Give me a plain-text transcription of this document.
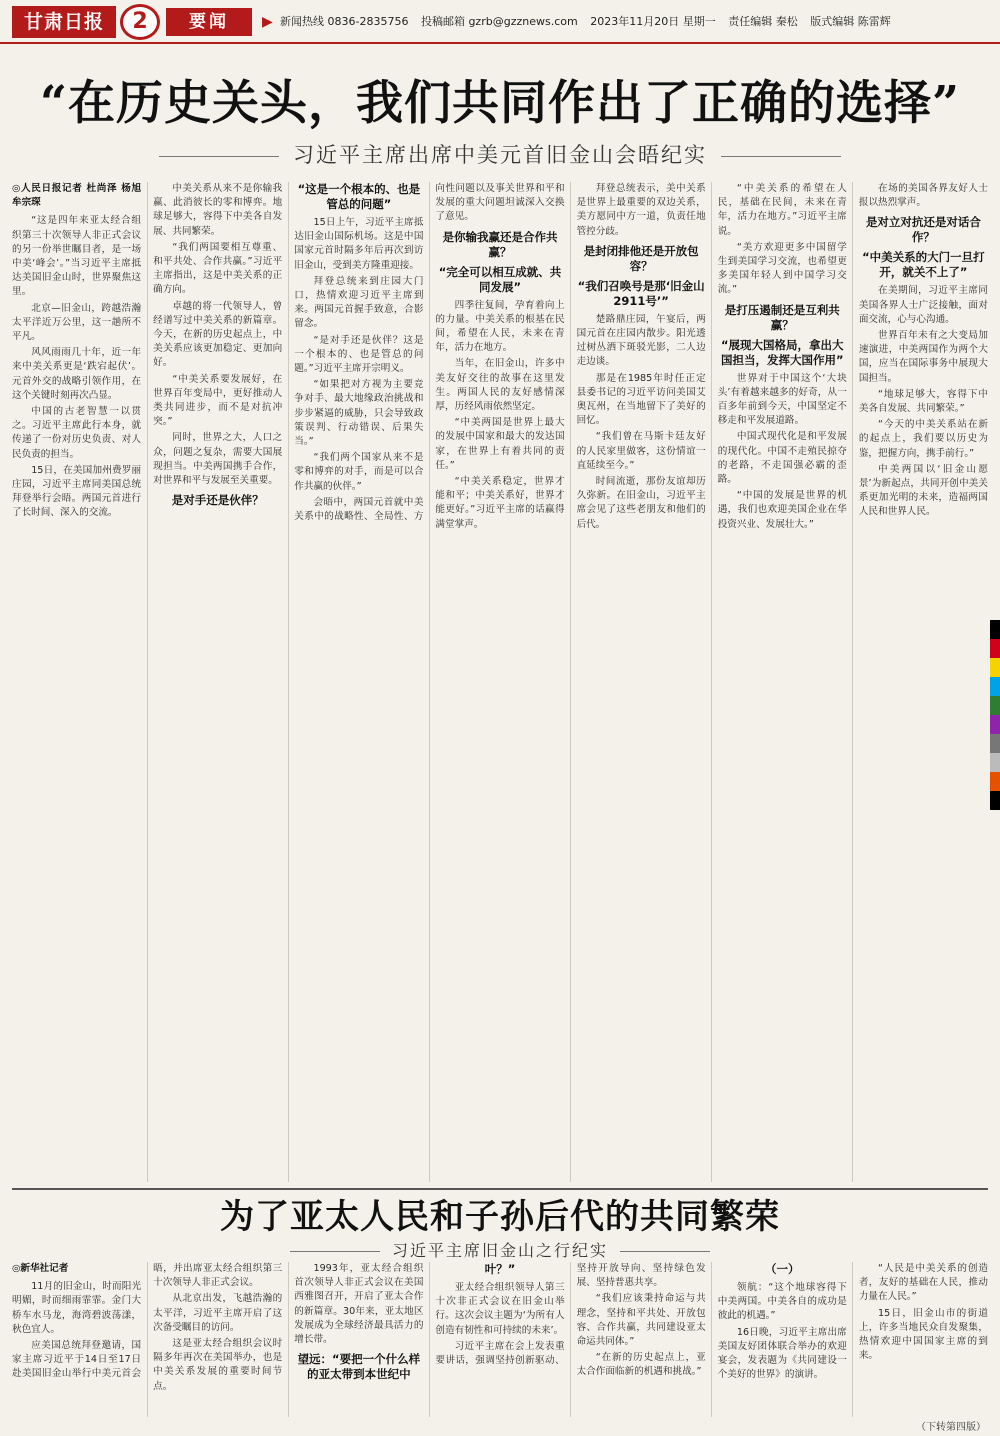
甘肃日报	2	要闻	▶ 新闻热线 0836-2835756 投稿邮箱 gzrb@gzznews.com 2023年11月20日 星期一 责任编辑 秦松 版式编辑 陈雷辉
“在历史关头，我们共同作出了正确的选择”
习近平主席出席中美元首旧金山会晤纪实
◎人民日报记者 杜尚泽 杨旭 牟宗琛

“这是四年来亚太经合组织第三十次领导人非正式会议的另一份举世瞩目者，是一场中美‘峰会’。”当习近平主席抵达美国旧金山时，世界聚焦这里。

北京—旧金山，跨越浩瀚太平洋近万公里，这一趟所不平凡。

风风雨雨几十年，近一年来中美关系更是‘跌宕起伏’。元首外交的战略引领作用，在这个关键时刻再次凸显。

中国的古老智慧一以贯之。习近平主席此行本身，就传递了一份对历史负责、对人民负责的担当。

15日，在美国加州费罗丽庄园，习近平主席同美国总统拜登举行会晤。两国元首进行了长时间、深入的交流。

中美关系从来不是你输我赢、此消彼长的零和博弈。地球足够大，容得下中美各自发展、共同繁荣。

“我们两国要相互尊重、和平共处、合作共赢。”习近平主席指出，这是中美关系的正确方向。

卓越的将一代领导人，曾经谱写过中美关系的新篇章。今天，在新的历史起点上，中美关系应该更加稳定、更加向好。

“中美关系要发展好，在世界百年变局中，更好推动人类共同进步，而不是对抗冲突。”

同时，世界之大，人口之众，问题之复杂，需要大国展现担当。中美两国携手合作，对世界和平与发展至关重要。

是对手还是伙伴？
“这是一个根本的、也是管总的问题”

15日上午，习近平主席抵达旧金山国际机场。这是中国国家元首时隔多年后再次到访旧金山，受到美方隆重迎接。

拜登总统来到庄园大门口，热情欢迎习近平主席到来。两国元首握手致意，合影留念。

“是对手还是伙伴？这是一个根本的、也是管总的问题。”习近平主席开宗明义。

“如果把对方视为主要竞争对手、最大地缘政治挑战和步步紧逼的威胁，只会导致政策误判、行动错误、后果失当。”

“我们两个国家从来不是零和博弈的对手，而是可以合作共赢的伙伴。”

会晤中，两国元首就中美关系中的战略性、全局性、方向性问题以及事关世界和平和发展的重大问题坦诚深入交换了意见。

是你输我赢还是合作共赢？
“完全可以相互成就、共同发展”

四季往复间，孕育着向上的力量。中美关系的根基在民间，希望在人民，未来在青年，活力在地方。

当年，在旧金山，许多中美友好交往的故事在这里发生。两国人民的友好感情深厚，历经风雨依然坚定。

“中美两国是世界上最大的发展中国家和最大的发达国家，在世界上有着共同的责任。”

“中美关系稳定，世界才能和平；中美关系好，世界才能更好。”习近平主席的话赢得满堂掌声。

拜登总统表示，美中关系是世界上最重要的双边关系，美方愿同中方一道，负责任地管控分歧。

是封闭排他还是开放包容？
“我们召唤号是那‘旧金山2911号’”

楚路鼎庄园，午宴后，两国元首在庄园内散步。阳光透过树丛洒下斑驳光影，二人边走边谈。

那是在1985年时任正定县委书记的习近平访问美国艾奥瓦州，在当地留下了美好的回忆。

“我们曾在马斯卡廷友好的人民家里做客，这份情谊一直延续至今。”

时间流逝，那份友谊却历久弥新。在旧金山，习近平主席会见了这些老朋友和他们的后代。

“中美关系的希望在人民，基础在民间，未来在青年，活力在地方。”习近平主席说。

“美方欢迎更多中国留学生到美国学习交流，也希望更多美国年轻人到中国学习交流。”

是打压遏制还是互利共赢？
“展现大国格局，拿出大国担当，发挥大国作用”

世界对于中国这个‘大块头’有着越来越多的好奇，从一百多年前到今天，中国坚定不移走和平发展道路。

中国式现代化是和平发展的现代化。中国不走殖民掠夺的老路，不走国强必霸的歪路。

“中国的发展是世界的机遇，我们也欢迎美国企业在华投资兴业、发展壮大。”

在场的美国各界友好人士报以热烈掌声。

是对立对抗还是对话合作？
“中美关系的大门一旦打开，就关不上了”

在美期间，习近平主席同美国各界人士广泛接触，面对面交流，心与心沟通。

世界百年未有之大变局加速演进，中美两国作为两个大国，应当在国际事务中展现大国担当。

“地球足够大，容得下中美各自发展、共同繁荣。”

“今天的中美关系站在新的起点上，我们要以历史为鉴，把握方向，携手前行。”

中美两国以‘旧金山愿景’为新起点，共同开创中美关系更加光明的未来，造福两国人民和世界人民。

为了亚太人民和子孙后代的共同繁荣
习近平主席旧金山之行纪实
◎新华社记者

11月的旧金山，时而阳光明媚，时而细雨霏霏。金门大桥车水马龙，海湾碧波荡漾，秋色宜人。

应美国总统拜登邀请，国家主席习近平于14日至17日赴美国旧金山举行中美元首会晤，并出席亚太经合组织第三十次领导人非正式会议。

从北京出发，飞越浩瀚的太平洋，习近平主席开启了这次备受瞩目的访问。

这是亚太经合组织会议时隔多年再次在美国举办，也是中美关系发展的重要时间节点。

1993年，亚太经合组织首次领导人非正式会议在美国西雅图召开，开启了亚太合作的新篇章。30年来，亚太地区发展成为全球经济最具活力的增长带。

望远：“要把一个什么样的亚太带到本世纪中叶？”

亚太经合组织领导人第三十次非正式会议在旧金山举行。这次会议主题为‘为所有人创造有韧性和可持续的未来’。

习近平主席在会上发表重要讲话，强调坚持创新驱动、坚持开放导向、坚持绿色发展、坚持普惠共享。

“我们应该秉持命运与共理念，坚持和平共处、开放包容、合作共赢，共同建设亚太命运共同体。”

“在新的历史起点上，亚太合作面临新的机遇和挑战。”

（一）

领航：“这个地球容得下中美两国。中美各自的成功是彼此的机遇。”

16日晚，习近平主席出席美国友好团体联合举办的欢迎宴会，发表题为《共同建设一个美好的世界》的演讲。

“人民是中美关系的创造者，友好的基础在人民，推动力量在人民。”

15日，旧金山市的街道上，许多当地民众自发聚集，热情欢迎中国国家主席的到来。

（下转第四版）
